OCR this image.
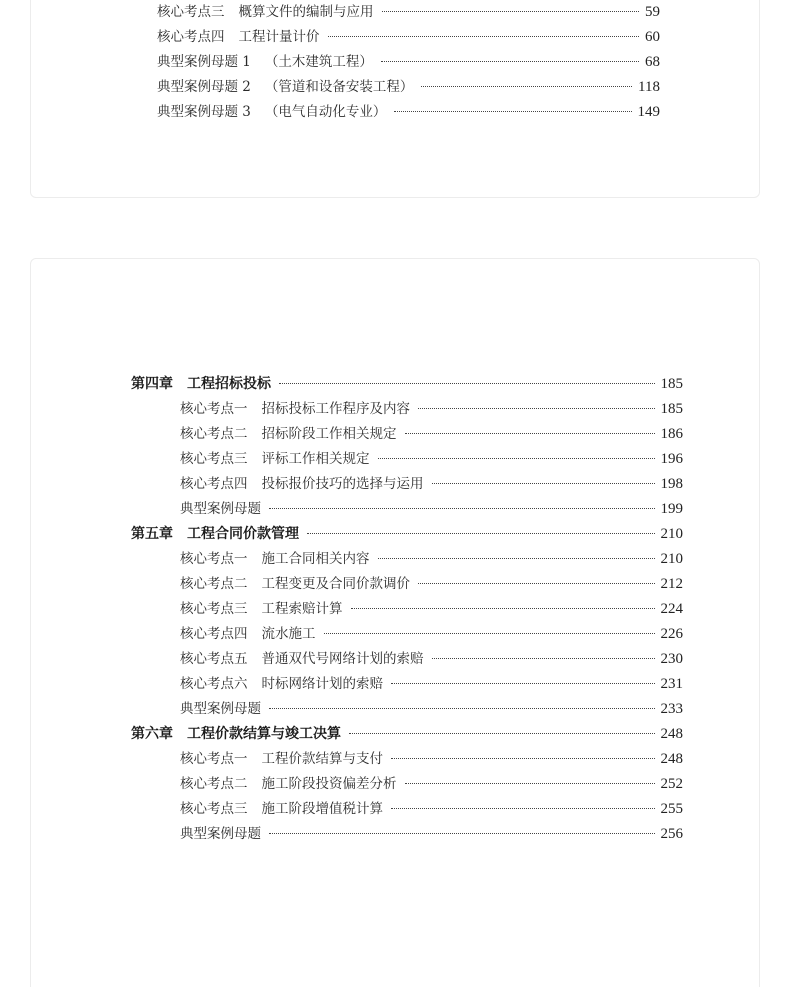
核心考点三 概算文件的编制与应用	59
核心考点四 工程计量计价	60
典型案例母题 1 （土木建筑工程）	68
典型案例母题 2 （管道和设备安装工程）	118
典型案例母题 3 （电气自动化专业）	149
第四章 工程招标投标	185
核心考点一 招标投标工作程序及内容	185
核心考点二 招标阶段工作相关规定	186
核心考点三 评标工作相关规定	196
核心考点四 投标报价技巧的选择与运用	198
典型案例母题	199
第五章 工程合同价款管理	210
核心考点一 施工合同相关内容	210
核心考点二 工程变更及合同价款调价	212
核心考点三 工程索赔计算	224
核心考点四 流水施工	226
核心考点五 普通双代号网络计划的索赔	230
核心考点六 时标网络计划的索赔	231
典型案例母题	233
第六章 工程价款结算与竣工决算	248
核心考点一 工程价款结算与支付	248
核心考点二 施工阶段投资偏差分析	252
核心考点三 施工阶段增值税计算	255
典型案例母题	256
